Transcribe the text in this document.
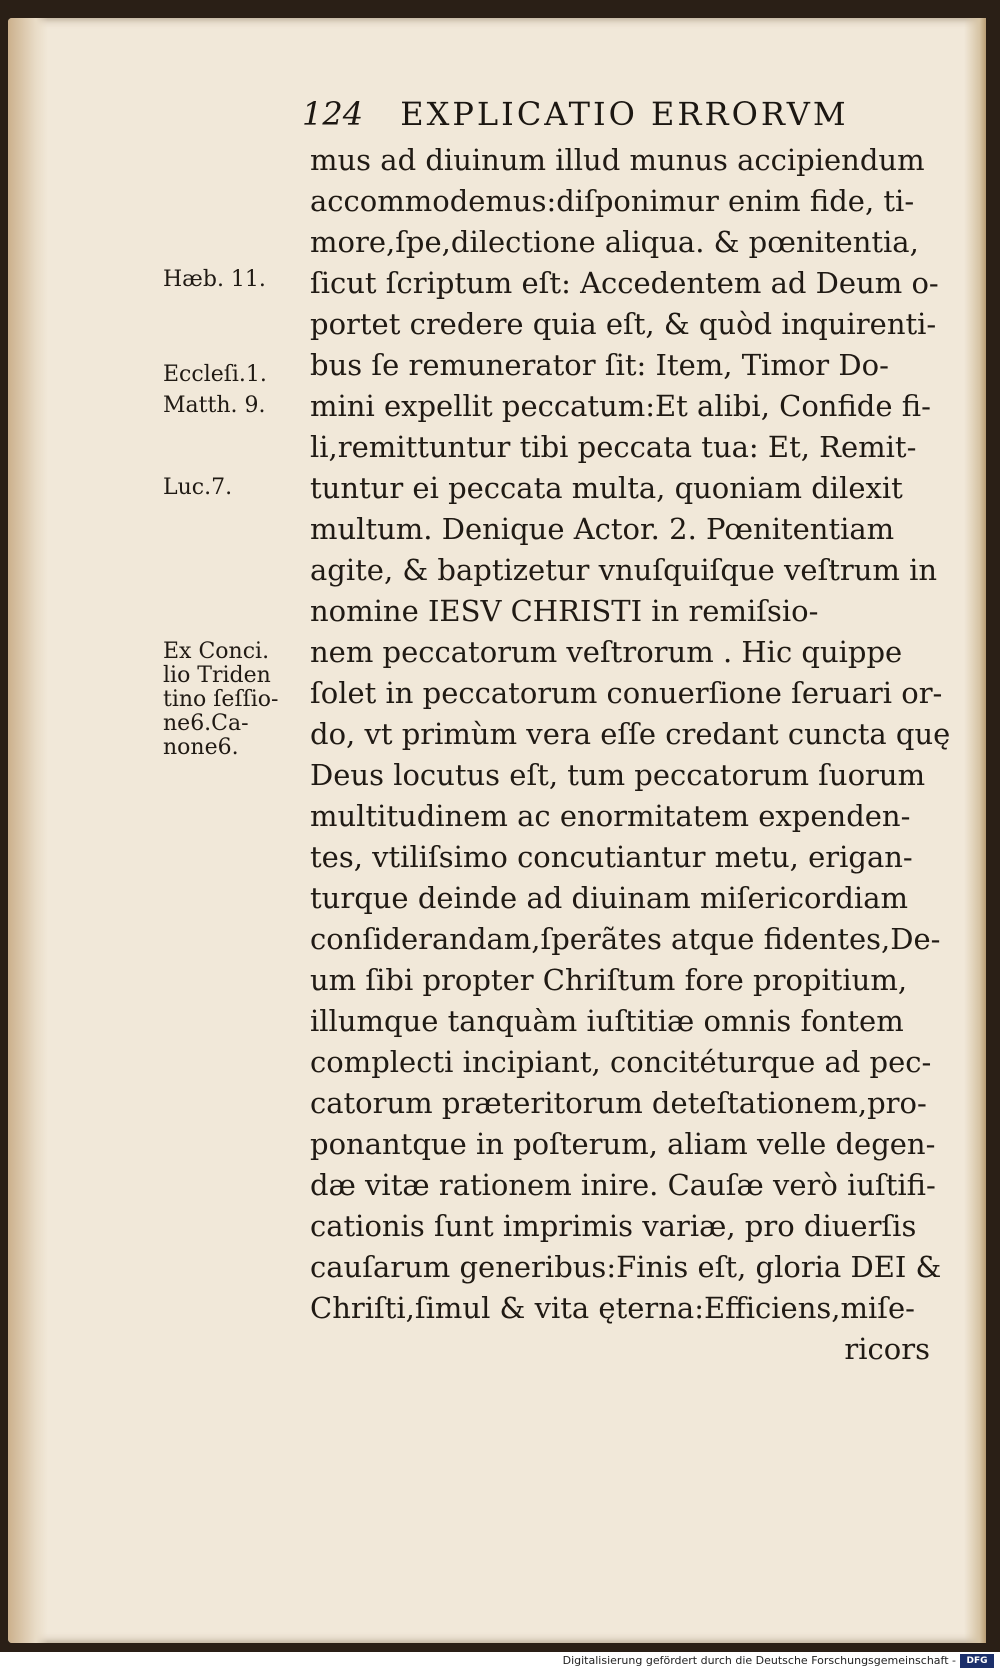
124 EXPLICATIO ERRORVM
mus ad diuinum illud munus accipiendum
accommodemus:diſponimur enim fide, ti-
more,ſpe,dilectione aliqua. & pœnitentia,
ſicut ſcriptum eſt: Accedentem ad Deum o-
portet credere quia eſt, & quòd inquirenti-
bus ſe remunerator ſit: Item, Timor Do-
mini expellit peccatum:Et alibi, Confide fi-
li,remittuntur tibi peccata tua: Et, Remit-
tuntur ei peccata multa, quoniam dilexit
multum. Denique Actor. 2. Pœnitentiam
agite, & baptizetur vnuſquiſque veſtrum in
nomine IESV CHRISTI in remiſsio-
nem peccatorum veſtrorum . Hic quippe
ſolet in peccatorum conuerſione ſeruari or-
do, vt primùm vera eſſe credant cuncta quę
Deus locutus eſt, tum peccatorum ſuorum
multitudinem ac enormitatem expenden-
tes, vtiliſsimo concutiantur metu, erigan-
turque deinde ad diuinam miſericordiam
conſiderandam,ſperãtes atque fidentes,De-
um ſibi propter Chriſtum fore propitium,
illumque tanquàm iuſtitiæ omnis fontem
complecti incipiant, concitéturque ad pec-
catorum præteritorum deteſtationem,pro-
ponantque in poſterum, aliam velle degen-
dæ vitæ rationem inire. Cauſæ verò iuſtifi-
cationis ſunt imprimis variæ, pro diuerſis
cauſarum generibus:Finis eſt, gloria DEI &
Chriſti,ſimul & vita ęterna:Efficiens,miſe-
ricors
Hæb. 11.
Eccleſi.1.
Matth. 9.
Luc.7.
Ex Conci.
lio Triden
tino ſeſſio-
ne6.Ca-
none6.
Digitalisierung gefördert durch die Deutsche Forschungsgemeinschaft -	DFG
